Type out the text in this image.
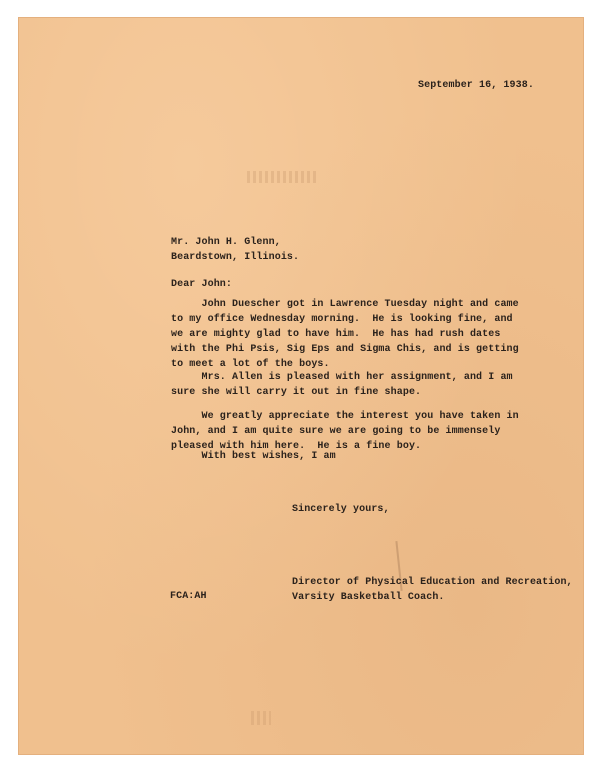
September 16, 1938.

Mr. John H. Glenn,
Beardstown, Illinois.

Dear John:

John Duescher got in Lawrence Tuesday night and came
to my office Wednesday morning.  He is looking fine, and
we are mighty glad to have him.  He has had rush dates
with the Phi Psis, Sig Eps and Sigma Chis, and is getting
to meet a lot of the boys.
Mrs. Allen is pleased with her assignment, and I am
sure she will carry it out in fine shape.
We greatly appreciate the interest you have taken in
John, and I am quite sure we are going to be immensely
pleased with him here.  He is a fine boy.
With best wishes, I am

Sincerely yours,

Director of Physical Education and Recreation,
Varsity Basketball Coach.

FCA:AH
